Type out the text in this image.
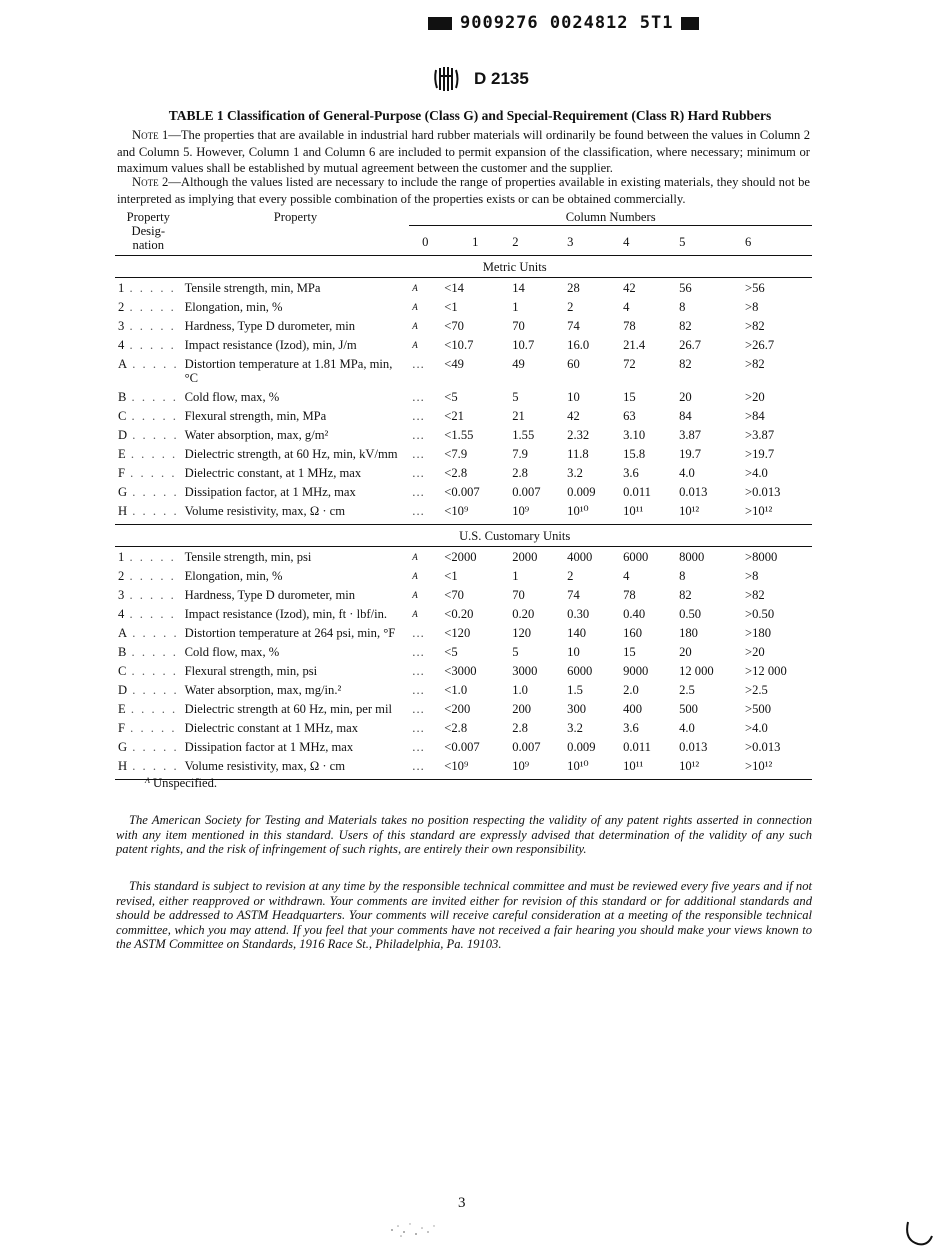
9009276 0024812 5T1
D 2135
TABLE 1 Classification of General-Purpose (Class G) and Special-Requirement (Class R) Hard Rubbers
Note 1—The properties that are available in industrial hard rubber materials will ordinarily be found between the values in Column 2 and Column 5. However, Column 1 and Column 6 are included to permit expansion of the classification, where necessary; minimum or maximum values shall be established by mutual agreement between the customer and the supplier.
Note 2—Although the values listed are necessary to include the range of properties available in existing materials, they should not be interpreted as implying that every possible combination of the properties exists or can be obtained commercially.
Property
Desig-
nation	Property	Column Numbers						
		0	1	2	3	4	5	6
		Metric Units						
1 . . . . .	Tensile strength, min, MPa	A	<14	14	28	42	56	>56
2 . . . . .	Elongation, min, %	A	<1	1	2	4	8	>8
3 . . . . .	Hardness, Type D durometer, min	A	<70	70	74	78	82	>82
4 . . . . .	Impact resistance (Izod), min, J/m	A	<10.7	10.7	16.0	21.4	26.7	>26.7
A . . . . .	Distortion temperature at 1.81 MPa, min, °C	...	<49	49	60	72	82	>82
B . . . . .	Cold flow, max, %	...	<5	5	10	15	20	>20
C . . . . .	Flexural strength, min, MPa	...	<21	21	42	63	84	>84
D . . . . .	Water absorption, max, g/m²	...	<1.55	1.55	2.32	3.10	3.87	>3.87
E . . . . .	Dielectric strength, at 60 Hz, min, kV/mm	...	<7.9	7.9	11.8	15.8	19.7	>19.7
F . . . . .	Dielectric constant, at 1 MHz, max	...	<2.8	2.8	3.2	3.6	4.0	>4.0
G . . . . .	Dissipation factor, at 1 MHz, max	...	<0.007	0.007	0.009	0.011	0.013	>0.013
H . . . . .	Volume resistivity, max, Ω · cm	...	<10⁹	10⁹	10¹⁰	10¹¹	10¹²	>10¹²
		U.S. Customary Units						
1 . . . . .	Tensile strength, min, psi	A	<2000	2000	4000	6000	8000	>8000
2 . . . . .	Elongation, min, %	A	<1	1	2	4	8	>8
3 . . . . .	Hardness, Type D durometer, min	A	<70	70	74	78	82	>82
4 . . . . .	Impact resistance (Izod), min, ft · lbf/in.	A	<0.20	0.20	0.30	0.40	0.50	>0.50
A . . . . .	Distortion temperature at 264 psi, min, °F	...	<120	120	140	160	180	>180
B . . . . .	Cold flow, max, %	...	<5	5	10	15	20	>20
C . . . . .	Flexural strength, min, psi	...	<3000	3000	6000	9000	12 000	>12 000
D . . . . .	Water absorption, max, mg/in.²	...	<1.0	1.0	1.5	2.0	2.5	>2.5
E . . . . .	Dielectric strength at 60 Hz, min, per mil	...	<200	200	300	400	500	>500
F . . . . .	Dielectric constant at 1 MHz, max	...	<2.8	2.8	3.2	3.6	4.0	>4.0
G . . . . .	Dissipation factor at 1 MHz, max	...	<0.007	0.007	0.009	0.011	0.013	>0.013
H . . . . .	Volume resistivity, max, Ω · cm	...	<10⁹	10⁹	10¹⁰	10¹¹	10¹²	>10¹²
$^A$ Unspecified.
The American Society for Testing and Materials takes no position respecting the validity of any patent rights asserted in connection with any item mentioned in this standard. Users of this standard are expressly advised that determination of the validity of any such patent rights, and the risk of infringement of such rights, are entirely their own responsibility.
This standard is subject to revision at any time by the responsible technical committee and must be reviewed every five years and if not revised, either reapproved or withdrawn. Your comments are invited either for revision of this standard or for additional standards and should be addressed to ASTM Headquarters. Your comments will receive careful consideration at a meeting of the responsible technical committee, which you may attend. If you feel that your comments have not received a fair hearing you should make your views known to the ASTM Committee on Standards, 1916 Race St., Philadelphia, Pa. 19103.
3
